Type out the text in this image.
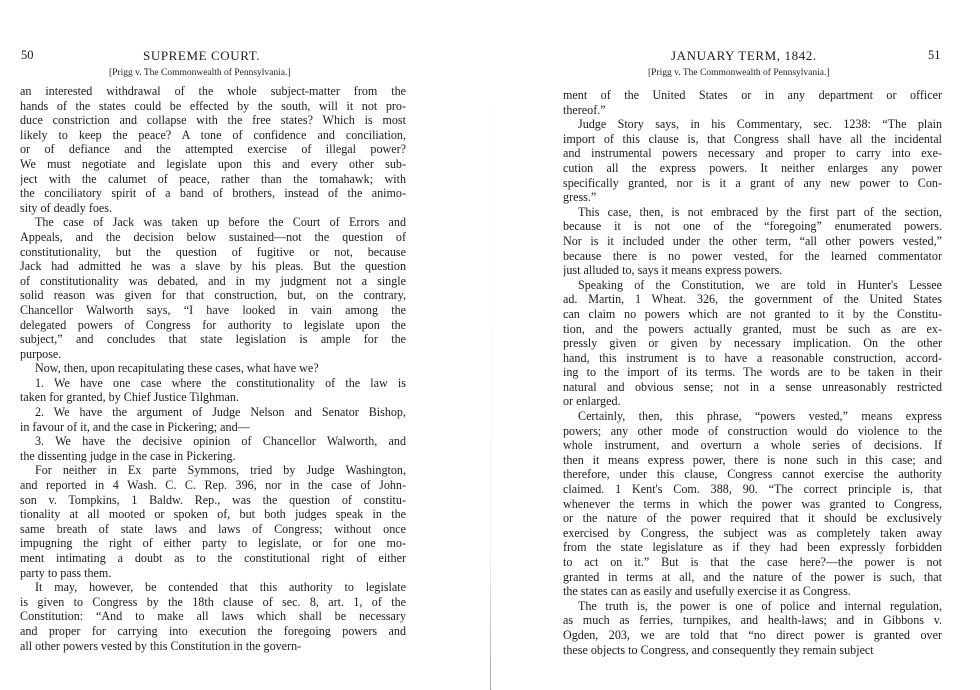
50	SUPREME COURT.
[Prigg v. The Commonwealth of Pennsylvania.]
an interested withdrawal of the whole subject-matter from the
hands of the states could be effected by the south, will it not pro-
duce constriction and collapse with the free states? Which is most
likely to keep the peace? A tone of confidence and conciliation,
or of defiance and the attempted exercise of illegal power?
We must negotiate and legislate upon this and every other sub-
ject with the calumet of peace, rather than the tomahawk; with
the conciliatory spirit of a band of brothers, instead of the animo-
sity of deadly foes.
The case of Jack was taken up before the Court of Errors and
Appeals, and the decision below sustained—not the question of
constitutionality, but the question of fugitive or not, because
Jack had admitted he was a slave by his pleas. But the question
of constitutionality was debated, and in my judgment not a single
solid reason was given for that construction, but, on the contrary,
Chancellor Walworth says, “I have looked in vain among the
delegated powers of Congress for authority to legislate upon the
subject,” and concludes that state legislation is ample for the
purpose.
Now, then, upon recapitulating these cases, what have we?
1. We have one case where the constitutionality of the law is
taken for granted, by Chief Justice Tilghman.
2. We have the argument of Judge Nelson and Senator Bishop,
in favour of it, and the case in Pickering; and—
3. We have the decisive opinion of Chancellor Walworth, and
the dissenting judge in the case in Pickering.
For neither in Ex parte Symmons, tried by Judge Washington,
and reported in 4 Wash. C. C. Rep. 396, nor in the case of John-
son v. Tompkins, 1 Baldw. Rep., was the question of constitu-
tionality at all mooted or spoken of, but both judges speak in the
same breath of state laws and laws of Congress; without once
impugning the right of either party to legislate, or for one mo-
ment intimating a doubt as to the constitutional right of either
party to pass them.
It may, however, be contended that this authority to legislate
is given to Congress by the 18th clause of sec. 8, art. 1, of the
Constitution: “And to make all laws which shall be necessary
and proper for carrying into execution the foregoing powers and
all other powers vested by this Constitution in the govern-
JANUARY TERM, 1842.	51
[Prigg v. The Commonwealth of Pennsylvania.]
ment of the United States or in any department or officer
thereof.”
Judge Story says, in his Commentary, sec. 1238: “The plain
import of this clause is, that Congress shall have all the incidental
and instrumental powers necessary and proper to carry into exe-
cution all the express powers. It neither enlarges any power
specifically granted, nor is it a grant of any new power to Con-
gress.”
This case, then, is not embraced by the first part of the section,
because it is not one of the “foregoing” enumerated powers.
Nor is it included under the other term, “all other powers vested,”
because there is no power vested, for the learned commentator
just alluded to, says it means express powers.
Speaking of the Constitution, we are told in Hunter's Lessee
ad. Martin, 1 Wheat. 326, the government of the United States
can claim no powers which are not granted to it by the Constitu-
tion, and the powers actually granted, must be such as are ex-
pressly given or given by necessary implication. On the other
hand, this instrument is to have a reasonable construction, accord-
ing to the import of its terms. The words are to be taken in their
natural and obvious sense; not in a sense unreasonably restricted
or enlarged.
Certainly, then, this phrase, “powers vested,” means express
powers; any other mode of construction would do violence to the
whole instrument, and overturn a whole series of decisions. If
then it means express power, there is none such in this case; and
therefore, under this clause, Congress cannot exercise the authority
claimed. 1 Kent's Com. 388, 90. “The correct principle is, that
whenever the terms in which the power was granted to Congress,
or the nature of the power required that it should be exclusively
exercised by Congress, the subject was as completely taken away
from the state legislature as if they had been expressly forbidden
to act on it.” But is that the case here?—the power is not
granted in terms at all, and the nature of the power is such, that
the states can as easily and usefully exercise it as Congress.
The truth is, the power is one of police and internal regulation,
as much as ferries, turnpikes, and health-laws; and in Gibbons v.
Ogden, 203, we are told that “no direct power is granted over
these objects to Congress, and consequently they remain subject
